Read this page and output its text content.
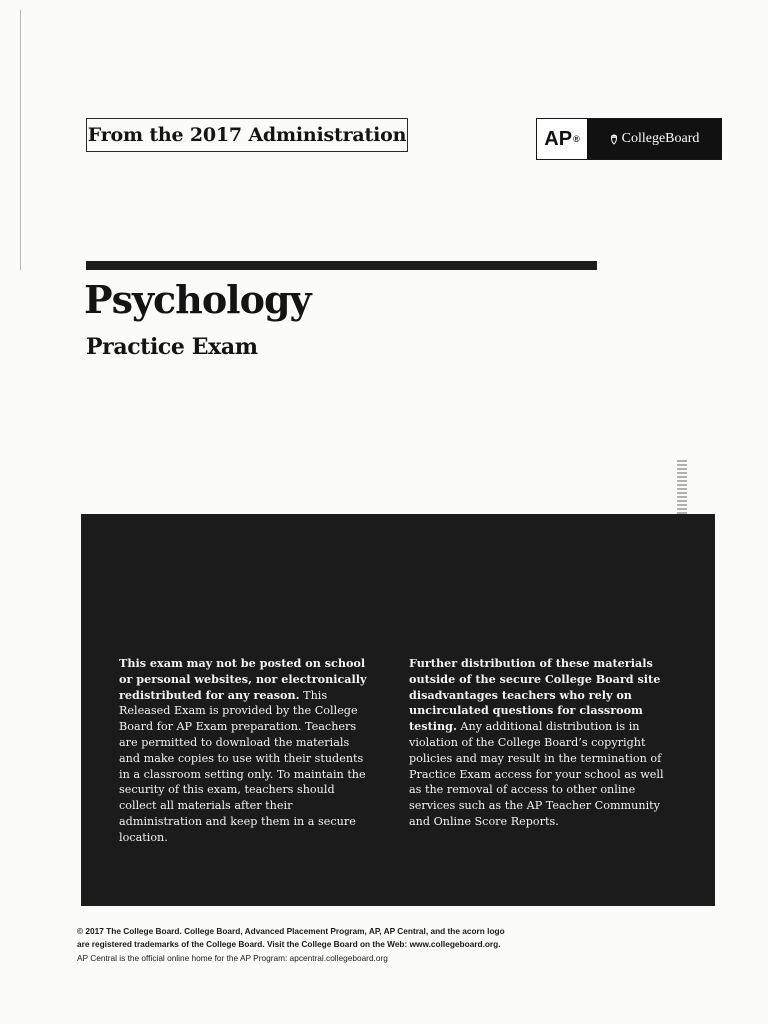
From the 2017 Administration	AP ®	CollegeBoard
Psychology
Practice Exam

This exam may not be posted on school or personal websites, nor electronically redistributed for any reason. This Released Exam is provided by the College Board for AP Exam preparation. Teachers are permitted to download the materials and make copies to use with their students in a classroom setting only. To maintain the security of this exam, teachers should collect all materials after their administration and keep them in a secure location.

Further distribution of these materials outside of the secure College Board site disadvantages teachers who rely on uncirculated questions for classroom testing. Any additional distribution is in violation of the College Board’s copyright policies and may result in the termination of Practice Exam access for your school as well as the removal of access to other online services such as the AP Teacher Community and Online Score Reports.

© 2017 The College Board. College Board, Advanced Placement Program, AP, AP Central, and the acorn logo

are registered trademarks of the College Board. Visit the College Board on the Web: www.collegeboard.org.

AP Central is the official online home for the AP Program: apcentral.collegeboard.org
